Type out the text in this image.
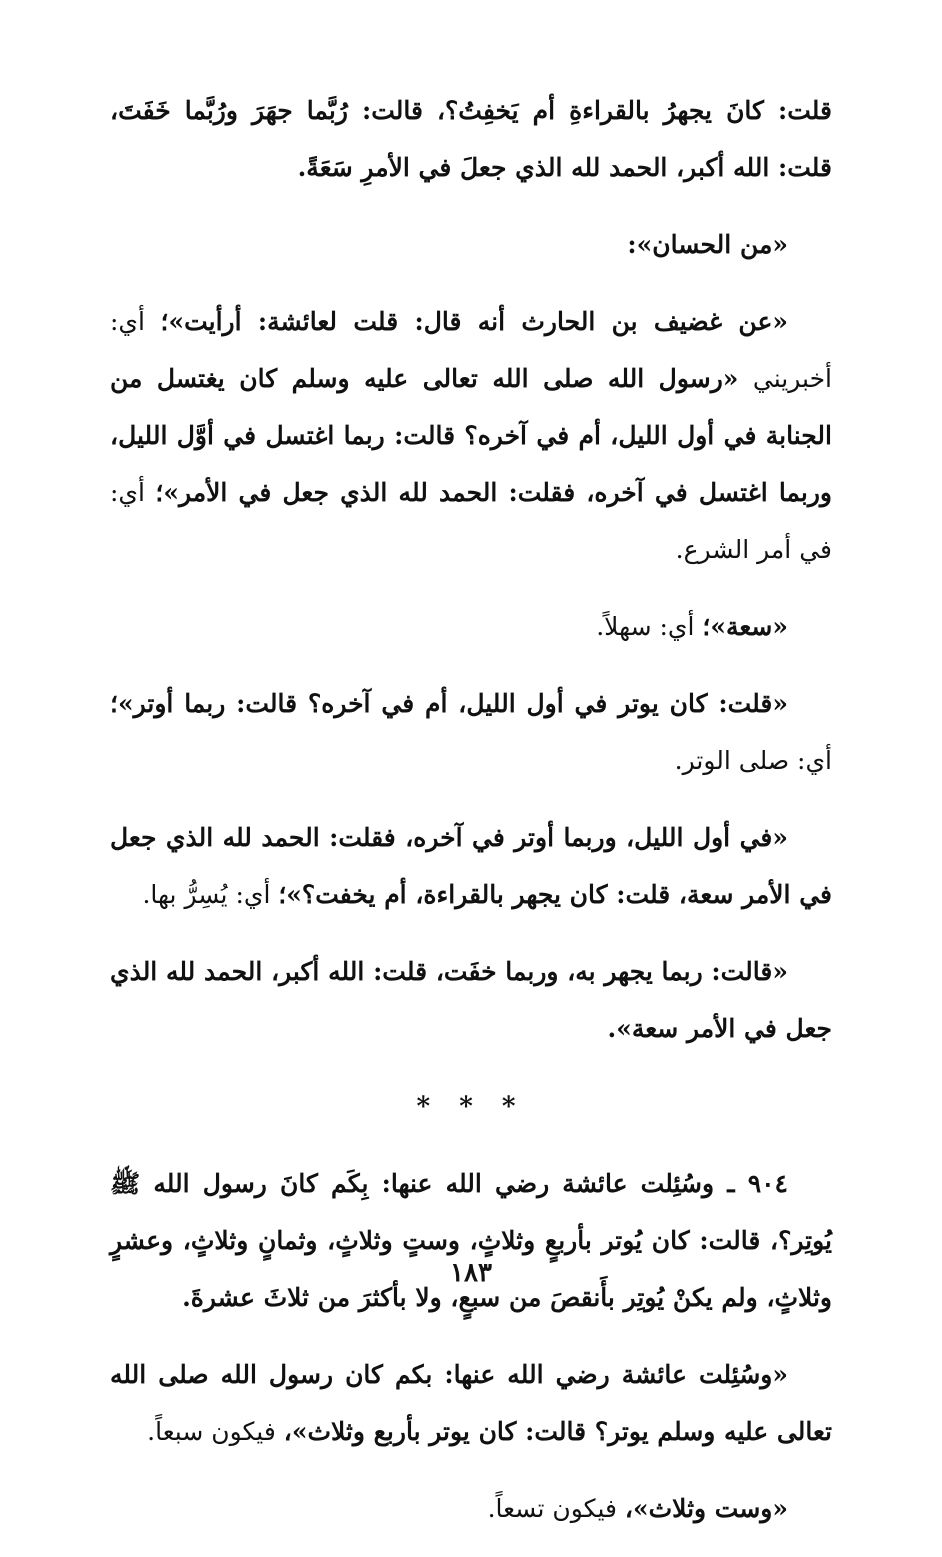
قلت: كانَ يجهرُ بالقراءةِ أم يَخفِتُ؟، قالت: رُبَّما جهَرَ ورُبَّما خَفَتَ، قلت: الله أكبر، الحمد لله الذي جعلَ في الأمرِ سَعَةً.

«من الحسان»:

«عن غضيف بن الحارث أنه قال: قلت لعائشة: أرأيت»؛ أي: أخبريني «رسول الله صلى الله تعالى عليه وسلم كان يغتسل من الجنابة في أول الليل، أم في آخره؟ قالت: ربما اغتسل في أوَّل الليل، وربما اغتسل في آخره، فقلت: الحمد لله الذي جعل في الأمر»؛ أي: في أمر الشرع.

«سعة»؛ أي: سهلاً.

«قلت: كان يوتر في أول الليل، أم في آخره؟ قالت: ربما أوتر»؛ أي: صلى الوتر.

«في أول الليل، وربما أوتر في آخره، فقلت: الحمد لله الذي جعل في الأمر سعة، قلت: كان يجهر بالقراءة، أم يخفت؟»؛ أي: يُسِرُّ بها.

«قالت: ربما يجهر به، وربما خفَت، قلت: الله أكبر، الحمد لله الذي جعل في الأمر سعة».

* * *

٩٠٤ ـ وسُئِلت عائشة رضي الله عنها: بِكَم كانَ رسول الله ﷺ يُوتِر؟، قالت: كان يُوتر بأربعٍ وثلاثٍ، وستٍ وثلاثٍ، وثمانٍ وثلاثٍ، وعشرٍ وثلاثٍ، ولم يكنْ يُوتِر بأَنقصَ من سبعٍ، ولا بأكثرَ من ثلاثَ عشرةَ.

«وسُئِلت عائشة رضي الله عنها: بكم كان رسول الله صلى الله تعالى عليه وسلم يوتر؟ قالت: كان يوتر بأربع وثلاث»، فيكون سبعاً.

«وست وثلاث»، فيكون تسعاً.

١٨٣
